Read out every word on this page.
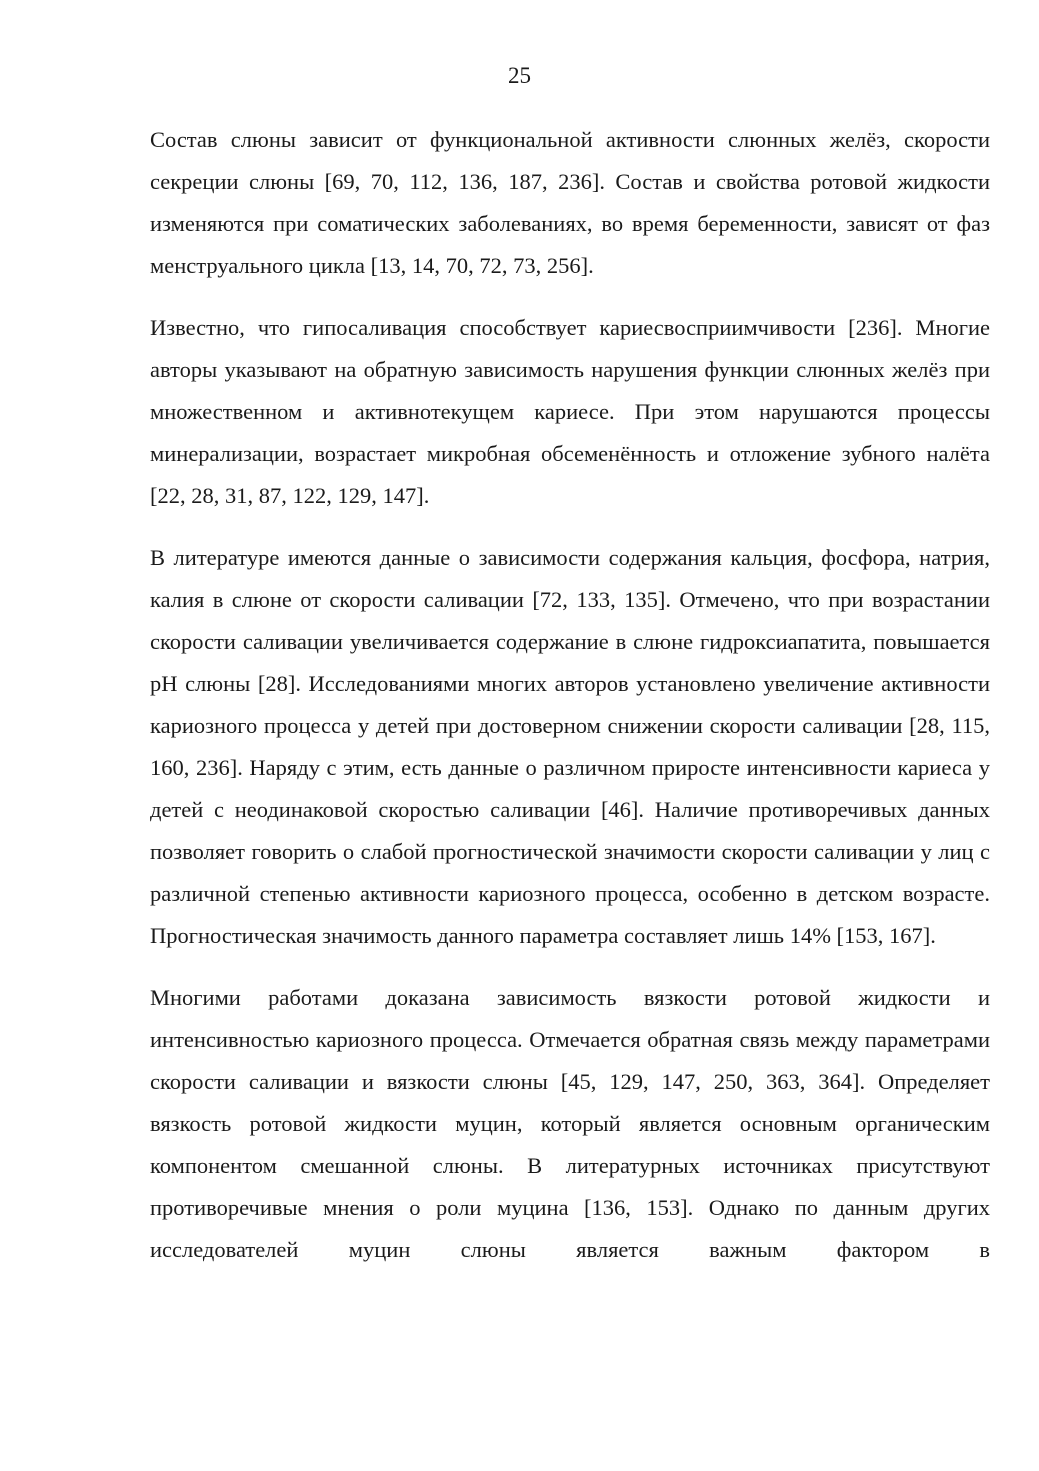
25

Состав слюны зависит от функциональной активности слюнных желёз, скорости секреции слюны [69, 70, 112, 136, 187, 236]. Состав и свойства ротовой жидкости изменяются при соматических заболеваниях, во время беременности, зависят от фаз менструального цикла [13, 14, 70, 72, 73, 256].

Известно, что гипосаливация способствует кариесвосприимчивости [236]. Многие авторы указывают на обратную зависимость нарушения функции слюнных желёз при множественном и активнотекущем кариесе. При этом нарушаются процессы минерализации, возрастает микробная обсеменённость и отложение зубного налёта [22, 28, 31, 87, 122, 129, 147].

В литературе имеются данные о зависимости содержания кальция, фосфора, натрия, калия в слюне от скорости саливации [72, 133, 135]. Отмечено, что при возрастании скорости саливации увеличивается содержание в слюне гидроксиапатита, повышается рН слюны [28]. Исследованиями многих авторов установлено увеличение активности кариозного процесса у детей при достоверном снижении скорости саливации [28, 115, 160, 236]. Наряду с этим, есть данные о различном приросте интенсивности кариеса у детей с неодинаковой скоростью саливации [46]. Наличие противоречивых данных позволяет говорить о слабой прогностической значимости скорости саливации у лиц с различной степенью активности кариозного процесса, особенно в детском возрасте. Прогностическая значимость данного параметра составляет лишь 14% [153, 167].

Многими работами доказана зависимость вязкости ротовой жидкости и интенсивностью кариозного процесса. Отмечается обратная связь между параметрами скорости саливации и вязкости слюны [45, 129, 147, 250, 363, 364]. Определяет вязкость ротовой жидкости муцин, который является основным органическим компонентом смешанной слюны. В литературных источниках присутствуют противоречивые мнения о роли муцина [136, 153]. Однако по данным других исследователей муцин слюны является важным фактором в
